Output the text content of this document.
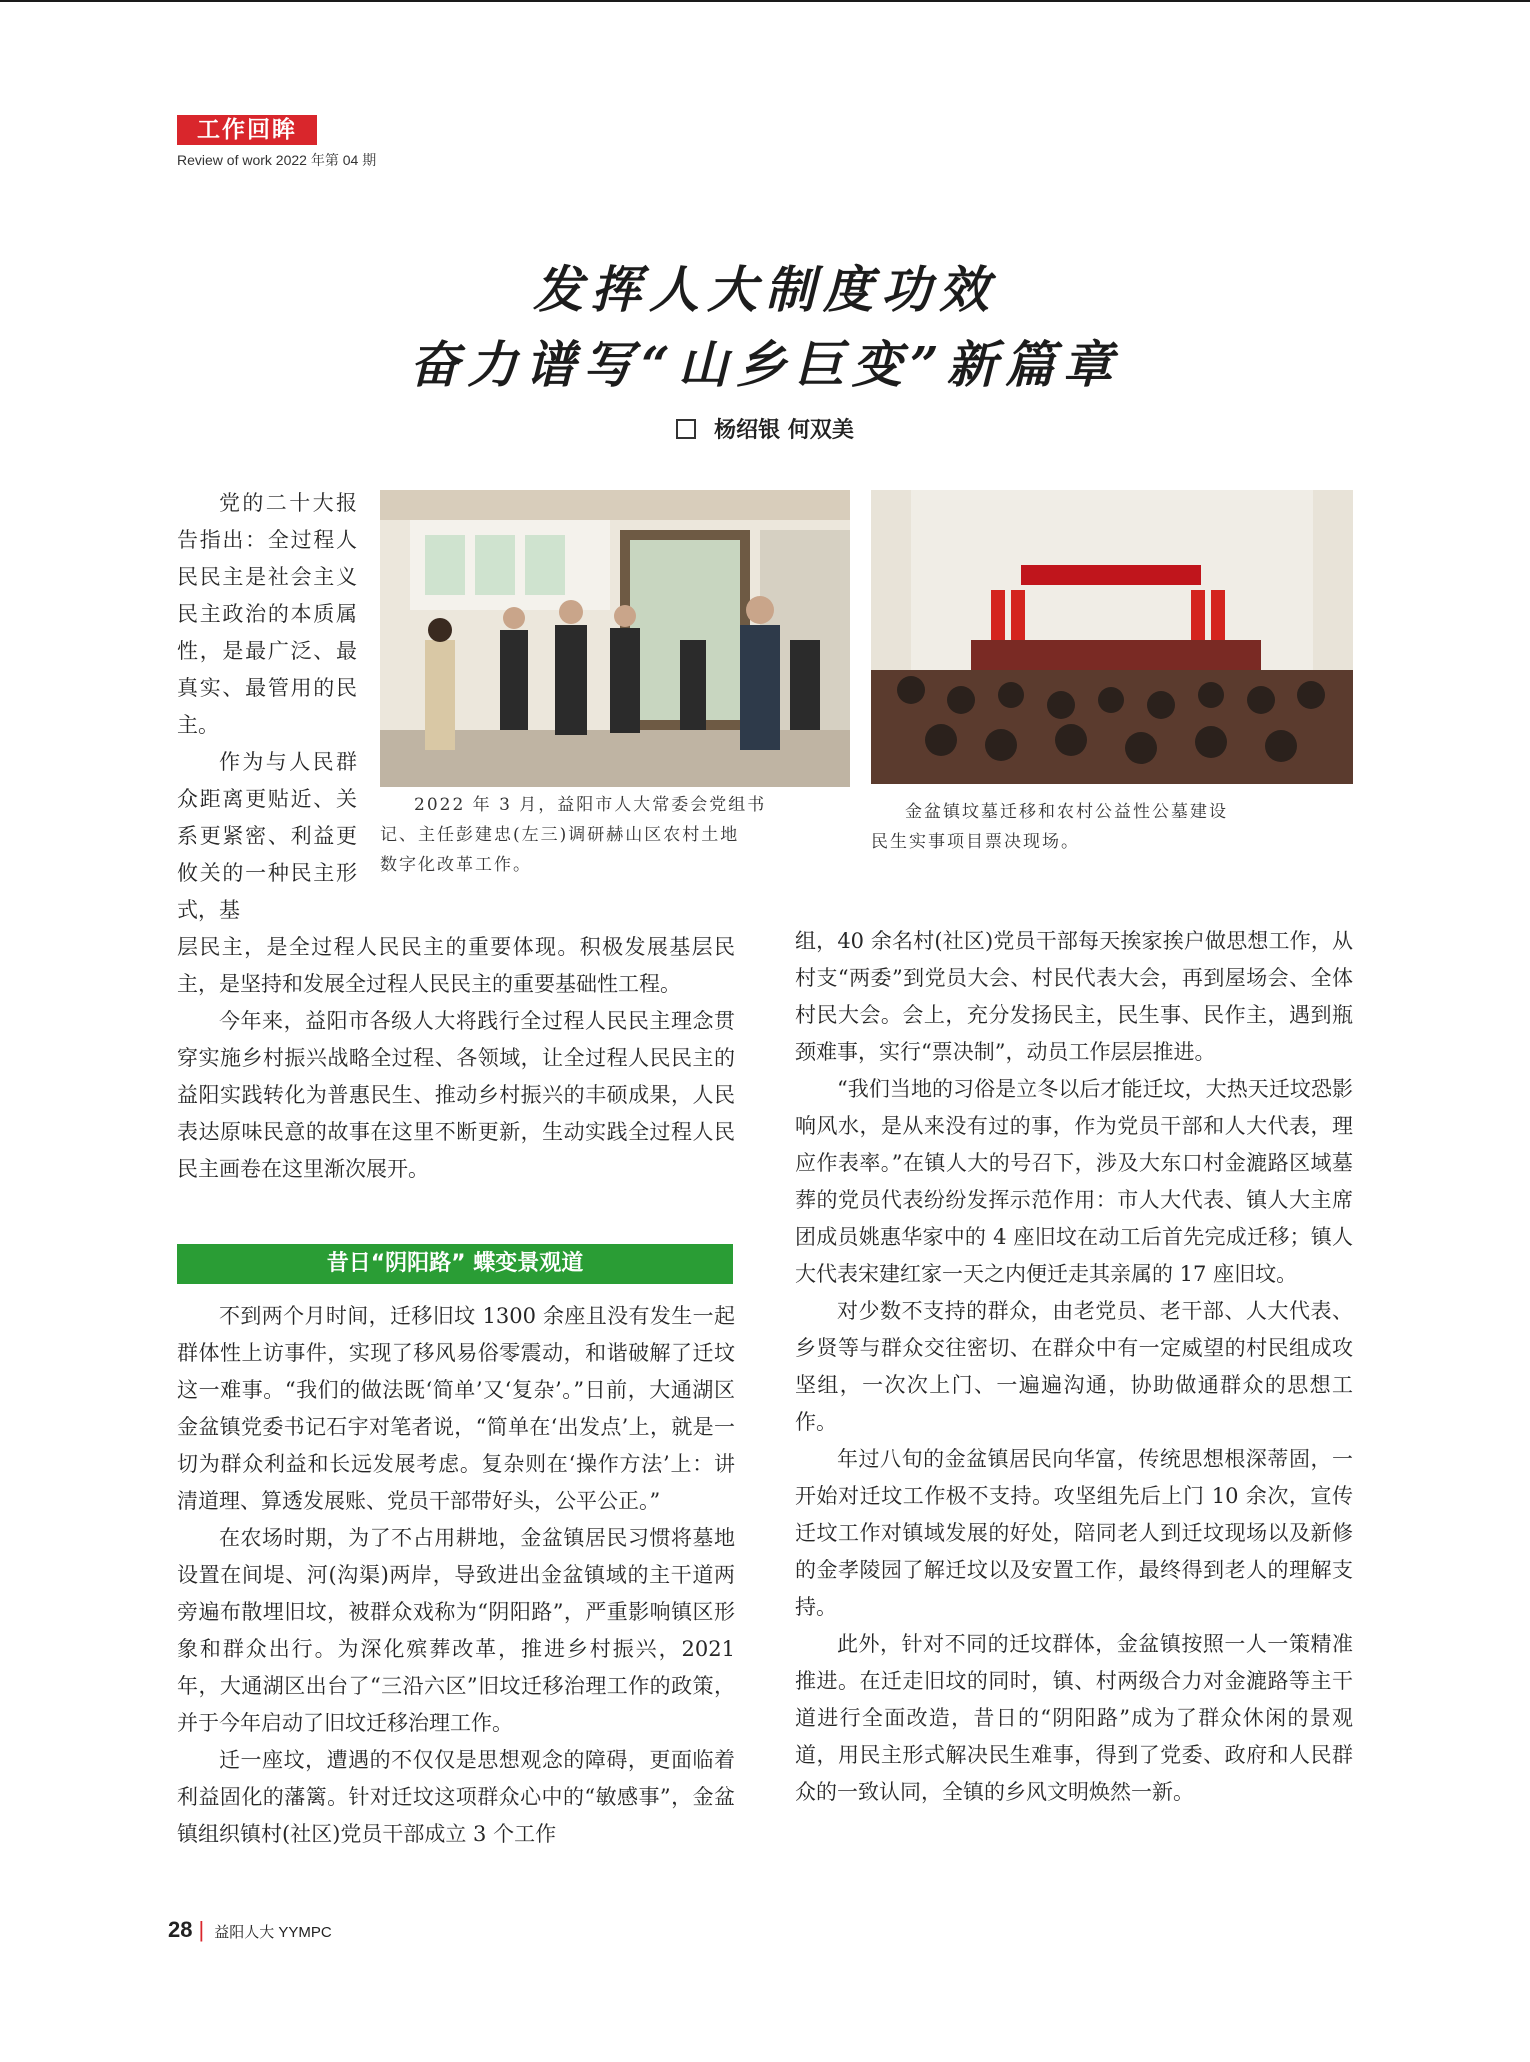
工作回眸
Review of work 2022 年第 04 期
发挥人大制度功效
奋力谱写“山乡巨变”新篇章
杨绍银 何双美
2022 年 3 月，益阳市人大常委会党组书
记、主任彭建忠(左三)调研赫山区农村土地
数字化改革工作。
金盆镇坟墓迁移和农村公益性公墓建设
民生实事项目票决现场。

党的二十大报告指出：全过程人民民主是社会主义民主政治的本质属性，是最广泛、最真实、最管用的民主。

作为与人民群众距离更贴近、关系更紧密、利益更攸关的一种民主形式，基

层民主，是全过程人民民主的重要体现。积极发展基层民主，是坚持和发展全过程人民民主的重要基础性工程。

今年来，益阳市各级人大将践行全过程人民民主理念贯穿实施乡村振兴战略全过程、各领域，让全过程人民民主的益阳实践转化为普惠民生、推动乡村振兴的丰硕成果，人民表达原味民意的故事在这里不断更新，生动实践全过程人民民主画卷在这里渐次展开。

昔日“阴阳路” 蝶变景观道

不到两个月时间，迁移旧坟 1300 余座且没有发生一起群体性上访事件，实现了移风易俗零震动，和谐破解了迁坟这一难事。“我们的做法既‘简单’又‘复杂’。”日前，大通湖区金盆镇党委书记石宇对笔者说，“简单在‘出发点’上，就是一切为群众利益和长远发展考虑。复杂则在‘操作方法’上：讲清道理、算透发展账、党员干部带好头，公平公正。”

在农场时期，为了不占用耕地，金盆镇居民习惯将墓地设置在间堤、河(沟渠)两岸，导致进出金盆镇域的主干道两旁遍布散埋旧坟，被群众戏称为“阴阳路”，严重影响镇区形象和群众出行。为深化殡葬改革，推进乡村振兴，2021 年，大通湖区出台了“三沿六区”旧坟迁移治理工作的政策，并于今年启动了旧坟迁移治理工作。

迁一座坟，遭遇的不仅仅是思想观念的障碍，更面临着利益固化的藩篱。针对迁坟这项群众心中的“敏感事”，金盆镇组织镇村(社区)党员干部成立 3 个工作

组，40 余名村(社区)党员干部每天挨家挨户做思想工作，从村支“两委”到党员大会、村民代表大会，再到屋场会、全体村民大会。会上，充分发扬民主，民生事、民作主，遇到瓶颈难事，实行“票决制”，动员工作层层推进。

“我们当地的习俗是立冬以后才能迁坟，大热天迁坟恐影响风水，是从来没有过的事，作为党员干部和人大代表，理应作表率。”在镇人大的号召下，涉及大东口村金漉路区域墓葬的党员代表纷纷发挥示范作用：市人大代表、镇人大主席团成员姚惠华家中的 4 座旧坟在动工后首先完成迁移；镇人大代表宋建红家一天之内便迁走其亲属的 17 座旧坟。

对少数不支持的群众，由老党员、老干部、人大代表、乡贤等与群众交往密切、在群众中有一定威望的村民组成攻坚组，一次次上门、一遍遍沟通，协助做通群众的思想工作。

年过八旬的金盆镇居民向华富，传统思想根深蒂固，一开始对迁坟工作极不支持。攻坚组先后上门 10 余次，宣传迁坟工作对镇域发展的好处，陪同老人到迁坟现场以及新修的金孝陵园了解迁坟以及安置工作，最终得到老人的理解支持。

此外，针对不同的迁坟群体，金盆镇按照一人一策精准推进。在迁走旧坟的同时，镇、村两级合力对金漉路等主干道进行全面改造，昔日的“阴阳路”成为了群众休闲的景观道，用民主形式解决民生难事，得到了党委、政府和人民群众的一致认同，全镇的乡风文明焕然一新。

28 | 益阳人大 YYMPC
